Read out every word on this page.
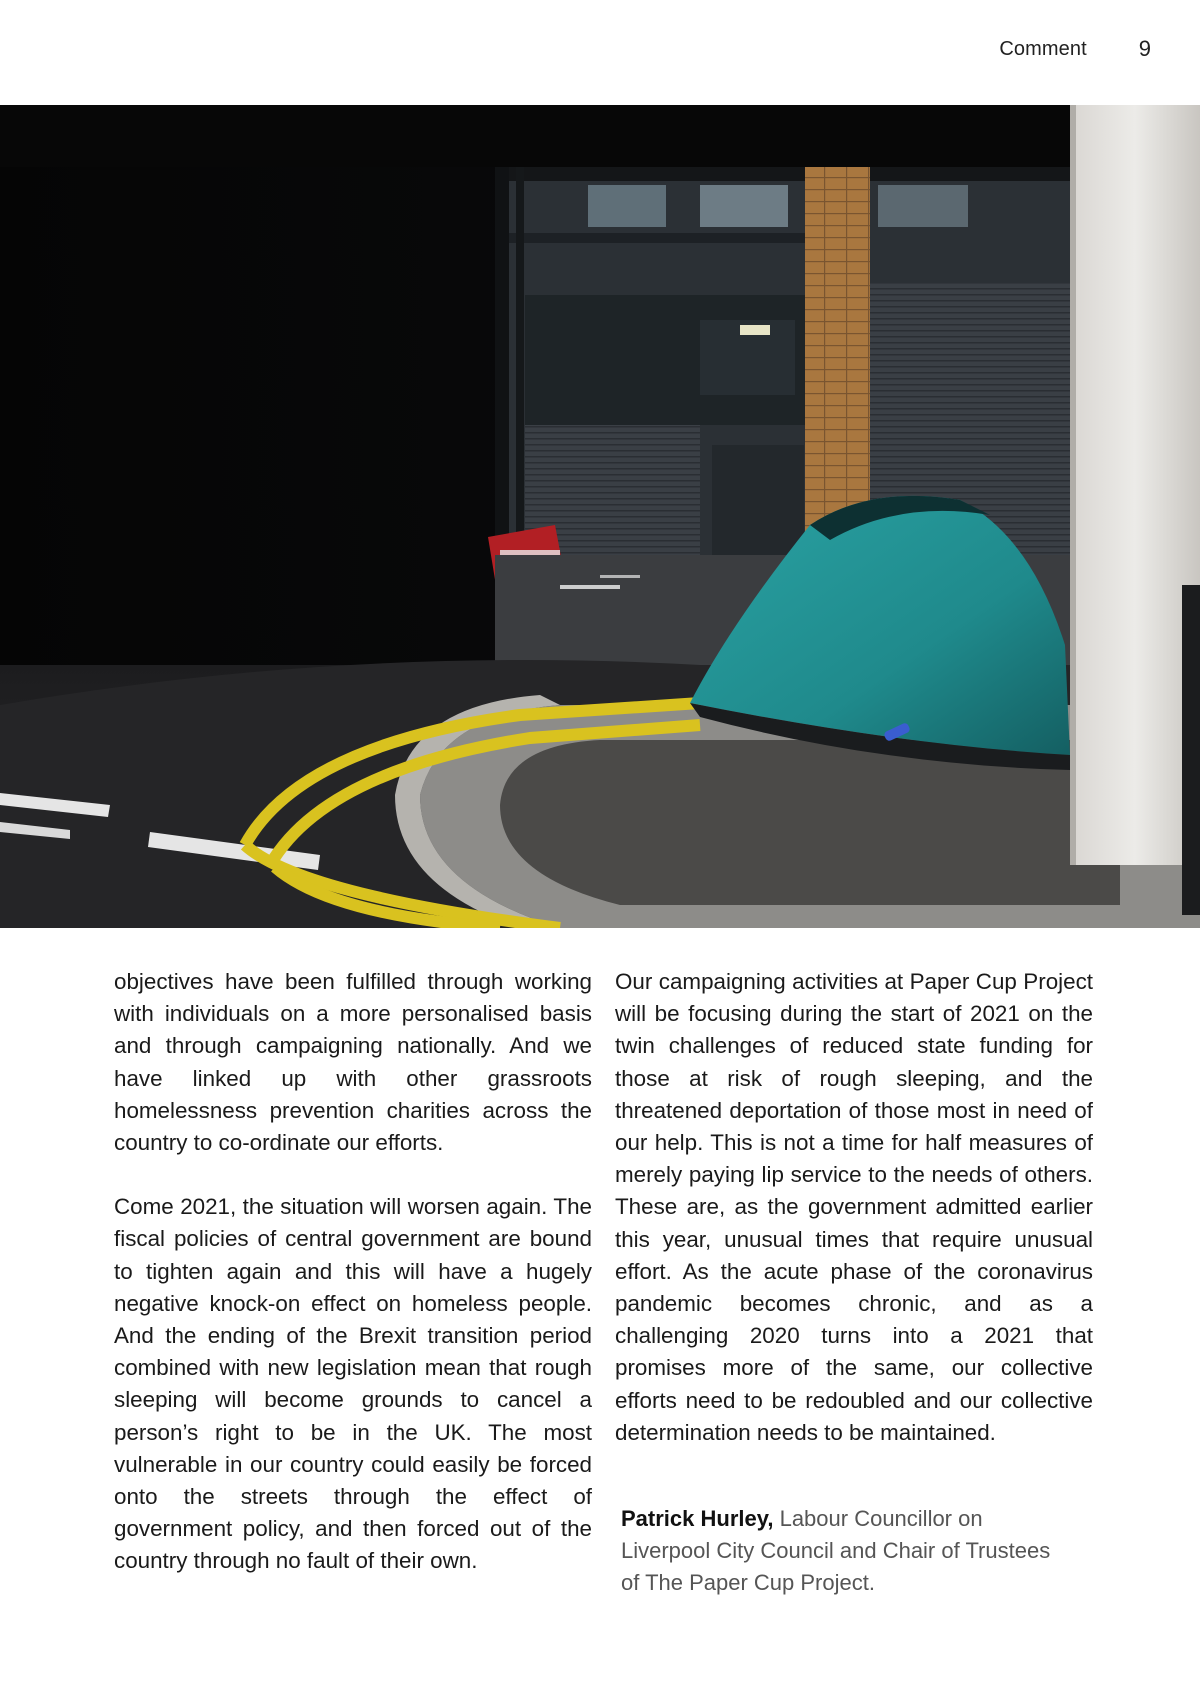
Comment 9

objectives have been fulfilled through working with individuals on a more personalised basis and through campaigning nationally. And we have linked up with other grassroots homelessness prevention charities across the country to co-ordinate our efforts.

Come 2021, the situation will worsen again. The fiscal policies of central government are bound to tighten again and this will have a hugely negative knock-on effect on homeless people. And the ending of the Brexit transition period combined with new legislation mean that rough sleeping will become grounds to cancel a person’s right to be in the UK. The most vulnerable in our country could easily be forced onto the streets through the effect of government policy, and then forced out of the country through no fault of their own.

Our campaigning activities at Paper Cup Project will be focusing during the start of 2021 on the twin challenges of reduced state funding for those at risk of rough sleeping, and the threatened deportation of those most in need of our help. This is not a time for half measures of merely paying lip service to the needs of others. These are, as the government admitted earlier this year, unusual times that require unusual effort. As the acute phase of the coronavirus pandemic becomes chronic, and as a challenging 2020 turns into a 2021 that promises more of the same, our collective efforts need to be redoubled and our collective determination needs to be maintained.

Patrick Hurley, Labour Councillor on Liverpool City Council and Chair of Trustees of The Paper Cup Project.
